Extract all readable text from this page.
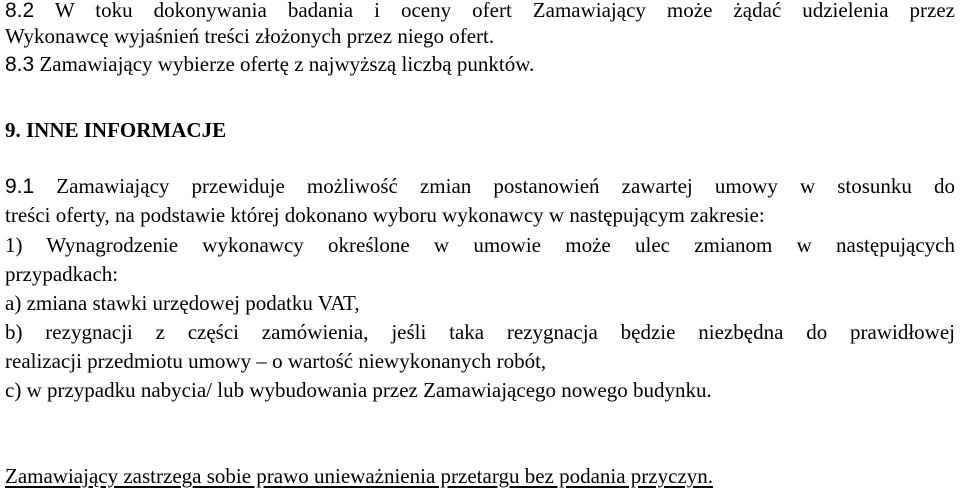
8.2 W toku dokonywania badania i oceny ofert Zamawiający może żądać udzielenia przez
Wykonawcę wyjaśnień treści złożonych przez niego ofert.
8.3 Zamawiający wybierze ofertę z najwyższą liczbą punktów.
9. INNE INFORMACJE
9.1 Zamawiający przewiduje możliwość zmian postanowień zawartej umowy w stosunku do
treści oferty, na podstawie której dokonano wyboru wykonawcy w następującym zakresie:
1) Wynagrodzenie wykonawcy określone w umowie może ulec zmianom w następujących
przypadkach:
a) zmiana stawki urzędowej podatku VAT,
b) rezygnacji z części zamówienia, jeśli taka rezygnacja będzie niezbędna do prawidłowej
realizacji przedmiotu umowy – o wartość niewykonanych robót,
c) w przypadku nabycia/ lub wybudowania przez Zamawiającego nowego budynku.
Zamawiający zastrzega sobie prawo unieważnienia przetargu bez podania przyczyn.
